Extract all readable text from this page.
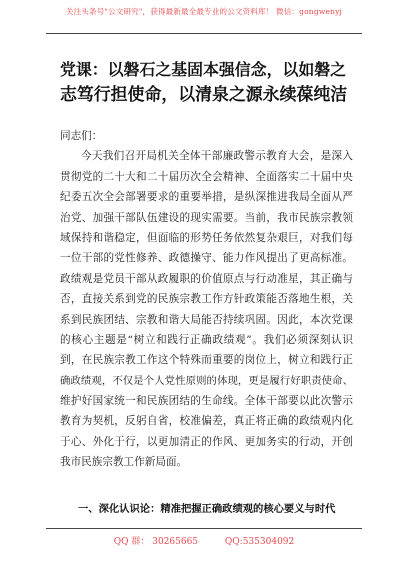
关注头条号"公文研究"，获得最新最全最专业的公文资料库！ 微信：gongwenyj
党课：以磐石之基固本强信念，以如磐之
志笃行担使命，以清泉之源永续葆纯洁
同志们：
今天我们召开局机关全体干部廉政警示教育大会，是深入
贯彻党的二十大和二十届历次全会精神、全面落实二十届中央
纪委五次全会部署要求的重要举措，是纵深推进我局全面从严
治党、加强干部队伍建设的现实需要。当前，我市民族宗教领
域保持和谐稳定，但面临的形势任务依然复杂艰巨，对我们每
一位干部的党性修养、政德操守、能力作风提出了更高标准。
政绩观是党员干部从政履职的价值原点与行动准星，其正确与
否，直接关系到党的民族宗教工作方针政策能否落地生根，关
系到民族团结、宗教和谐大局能否持续巩固。因此，本次党课
的核心主题是“树立和践行正确政绩观”。我们必须深刻认识
到，在民族宗教工作这个特殊而重要的岗位上，树立和践行正
确政绩观，不仅是个人党性原则的体现，更是履行好职责使命、
维护好国家统一和民族团结的生命线。全体干部要以此次警示
教育为契机，反躬自省，校准偏差，真正将正确的政绩观内化
于心、外化于行，以更加清正的作风、更加务实的行动，开创
我市民族宗教工作新局面。
一、深化认识论：精准把握正确政绩观的核心要义与时代
QQ 群： 30265665	QQ:535304092
